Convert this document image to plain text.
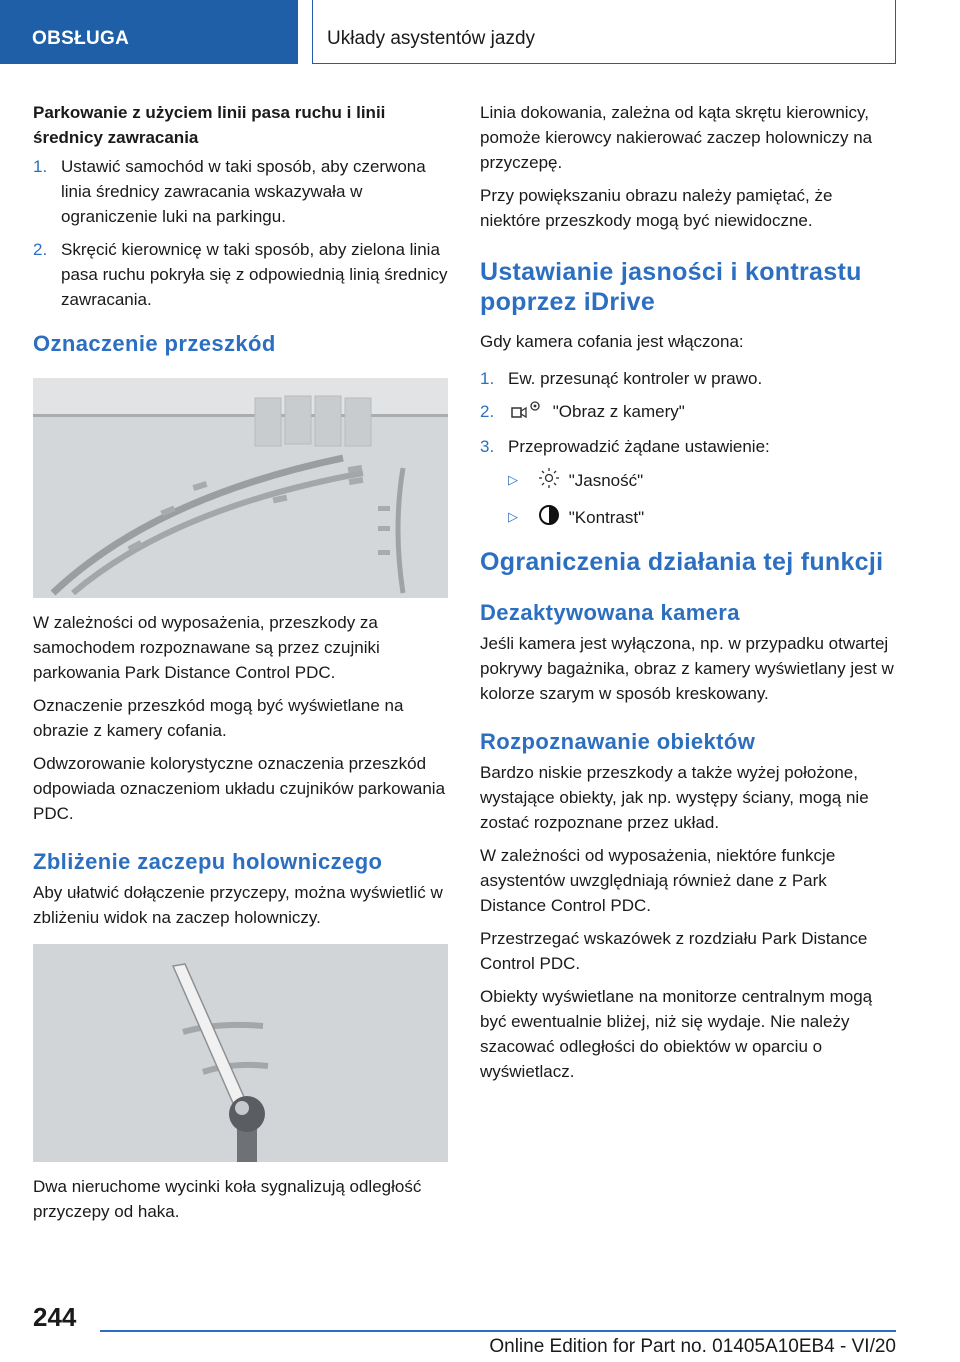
OBSŁUGA	Układy asystentów jazdy
Parkowanie z użyciem linii pasa ruchu i linii średnicy zawracania
1. Ustawić samochód w taki sposób, aby czerwona linia średnicy zawracania wskazywała w ograniczenie luki na parkingu.
2. Skręcić kierownicę w taki sposób, aby zielona linia pasa ruchu pokryła się z odpowiednią linią średnicy zawracania.
Oznaczenie przeszkód

W zależności od wyposażenia, przeszkody za samochodem rozpoznawane są przez czujniki parkowania Park Distance Control PDC.

Oznaczenie przeszkód mogą być wyświetlane na obrazie z kamery cofania.

Odwzorowanie kolorystyczne oznaczenia przeszkód odpowiada oznaczeniom układu czujników parkowania PDC.

Zbliżenie zaczepu holowniczego

Aby ułatwić dołączenie przyczepy, można wyświetlić w zbliżeniu widok na zaczep holowniczy.

Dwa nieruchome wycinki koła sygnalizują odległość przyczepy od haka.

Linia dokowania, zależna od kąta skrętu kierownicy, pomoże kierowcy nakierować zaczep holowniczy na przyczepę.

Przy powiększaniu obrazu należy pamiętać, że niektóre przeszkody mogą być niewidoczne.

Ustawianie jasności i kontrastu poprzez iDrive

Gdy kamera cofania jest włączona:

1. Ew. przesunąć kontroler w prawo.
2.	"Obraz z kamery"
3. Przeprowadzić żądane ustawienie:
▷	"Jasność"
▷	"Kontrast"
Ograniczenia działania tej funkcji
Dezaktywowana kamera

Jeśli kamera jest wyłączona, np. w przypadku otwartej pokrywy bagażnika, obraz z kamery wyświetlany jest w kolorze szarym w sposób kreskowany.

Rozpoznawanie obiektów

Bardzo niskie przeszkody a także wyżej położone, wystające obiekty, jak np. występy ściany, mogą nie zostać rozpoznane przez układ.

W zależności od wyposażenia, niektóre funkcje asystentów uwzględniają również dane z Park Distance Control PDC.

Przestrzegać wskazówek z rozdziału Park Distance Control PDC.

Obiekty wyświetlane na monitorze centralnym mogą być ewentualnie bliżej, niż się wydaje. Nie należy szacować odległości do obiektów w oparciu o wyświetlacz.

244
Online Edition for Part no. 01405A10EB4 - VI/20
